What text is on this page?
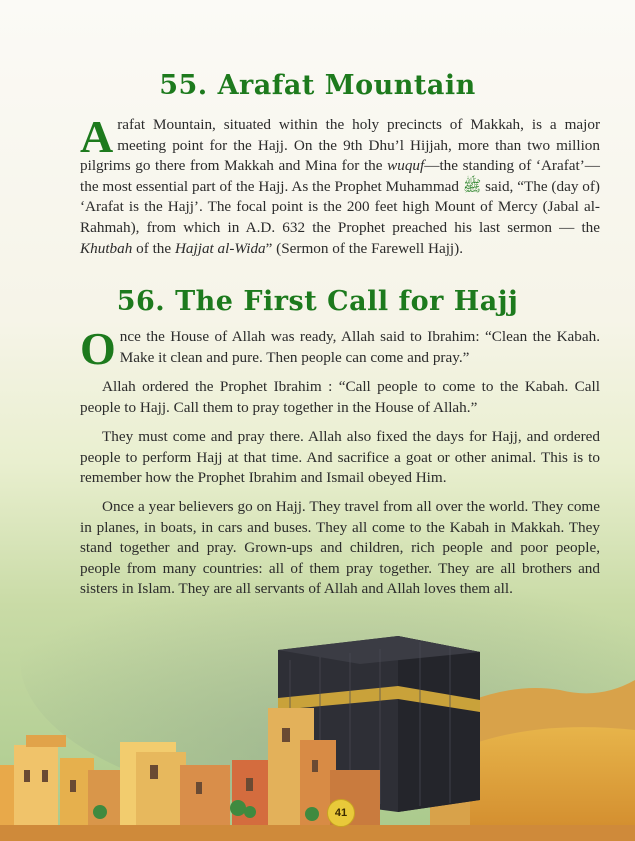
55. Arafat Mountain
Arafat Mountain, situated within the holy precincts of Makkah, is a major meeting point for the Hajj. On the 9th Dhu’l Hijjah, more than two million pilgrims go there from Makkah and Mina for the wuquf—the standing of ‘Arafat’— the most essential part of the Hajj. As the Prophet Muhammad ﷺ said, “The (day of) ‘Arafat is the Hajj’. The focal point is the 200 feet high Mount of Mercy (Jabal al-Rahmah), from which in A.D. 632 the Prophet preached his last sermon — the Khutbah of the Hajjat al-Wida” (Sermon of the Farewell Hajj).
56. The First Call for Hajj
Once the House of Allah was ready, Allah said to Ibrahim: “Clean the Kabah. Make it clean and pure. Then people can come and pray.”
Allah ordered the Prophet Ibrahim : “Call people to come to the Kabah. Call people to Hajj. Call them to pray together in the House of Allah.”
They must come and pray there. Allah also fixed the days for Hajj, and ordered people to perform Hajj at that time. And sacrifice a goat or other animal. This is to remember how the Prophet Ibrahim and Ismail obeyed Him.
Once a year believers go on Hajj. They travel from all over the world. They come in planes, in boats, in cars and buses. They all come to the Kabah in Makkah. They stand together and pray. Grown-ups and children, rich people and poor people, people from many countries: all of them pray together. They are all brothers and sisters in Islam. They are all servants of Allah and Allah loves them all.
41
